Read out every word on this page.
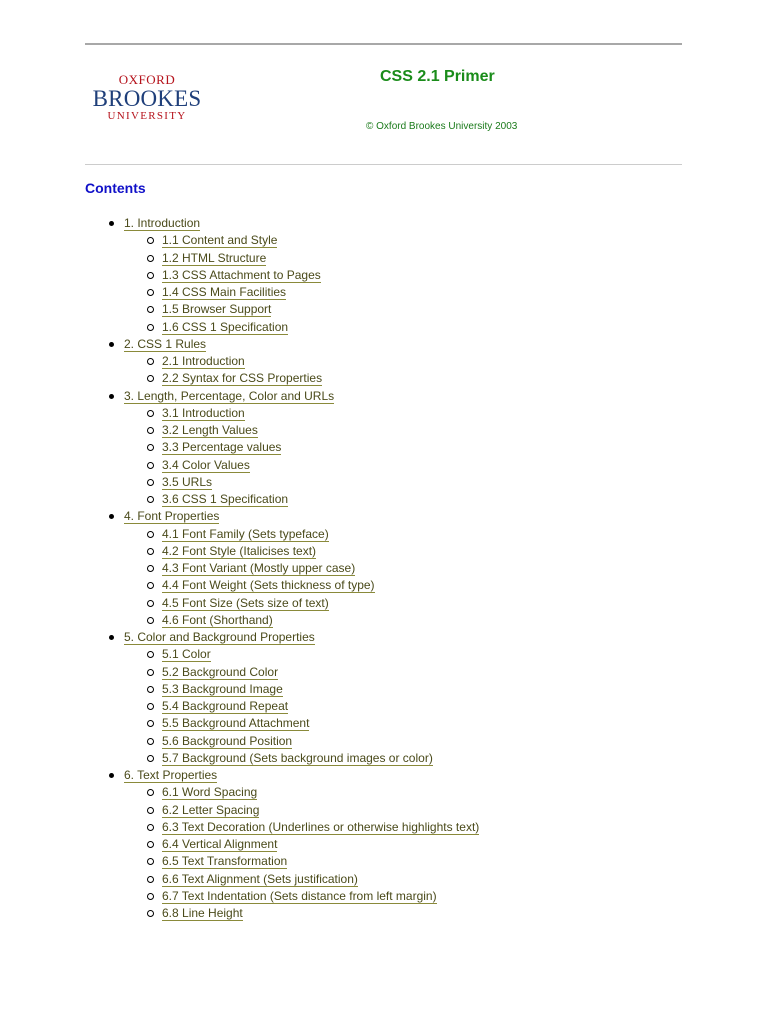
OXFORD
BROOKES
UNIVERSITY
CSS 2.1 Primer
© Oxford Brookes University 2003
Contents
1. Introduction
1.1 Content and Style
1.2 HTML Structure
1.3 CSS Attachment to Pages
1.4 CSS Main Facilities
1.5 Browser Support
1.6 CSS 1 Specification
2. CSS 1 Rules
2.1 Introduction
2.2 Syntax for CSS Properties
3. Length, Percentage, Color and URLs
3.1 Introduction
3.2 Length Values
3.3 Percentage values
3.4 Color Values
3.5 URLs
3.6 CSS 1 Specification
4. Font Properties
4.1 Font Family (Sets typeface)
4.2 Font Style (Italicises text)
4.3 Font Variant (Mostly upper case)
4.4 Font Weight (Sets thickness of type)
4.5 Font Size (Sets size of text)
4.6 Font (Shorthand)
5. Color and Background Properties
5.1 Color
5.2 Background Color
5.3 Background Image
5.4 Background Repeat
5.5 Background Attachment
5.6 Background Position
5.7 Background (Sets background images or color)
6. Text Properties
6.1 Word Spacing
6.2 Letter Spacing
6.3 Text Decoration (Underlines or otherwise highlights text)
6.4 Vertical Alignment
6.5 Text Transformation
6.6 Text Alignment (Sets justification)
6.7 Text Indentation (Sets distance from left margin)
6.8 Line Height
